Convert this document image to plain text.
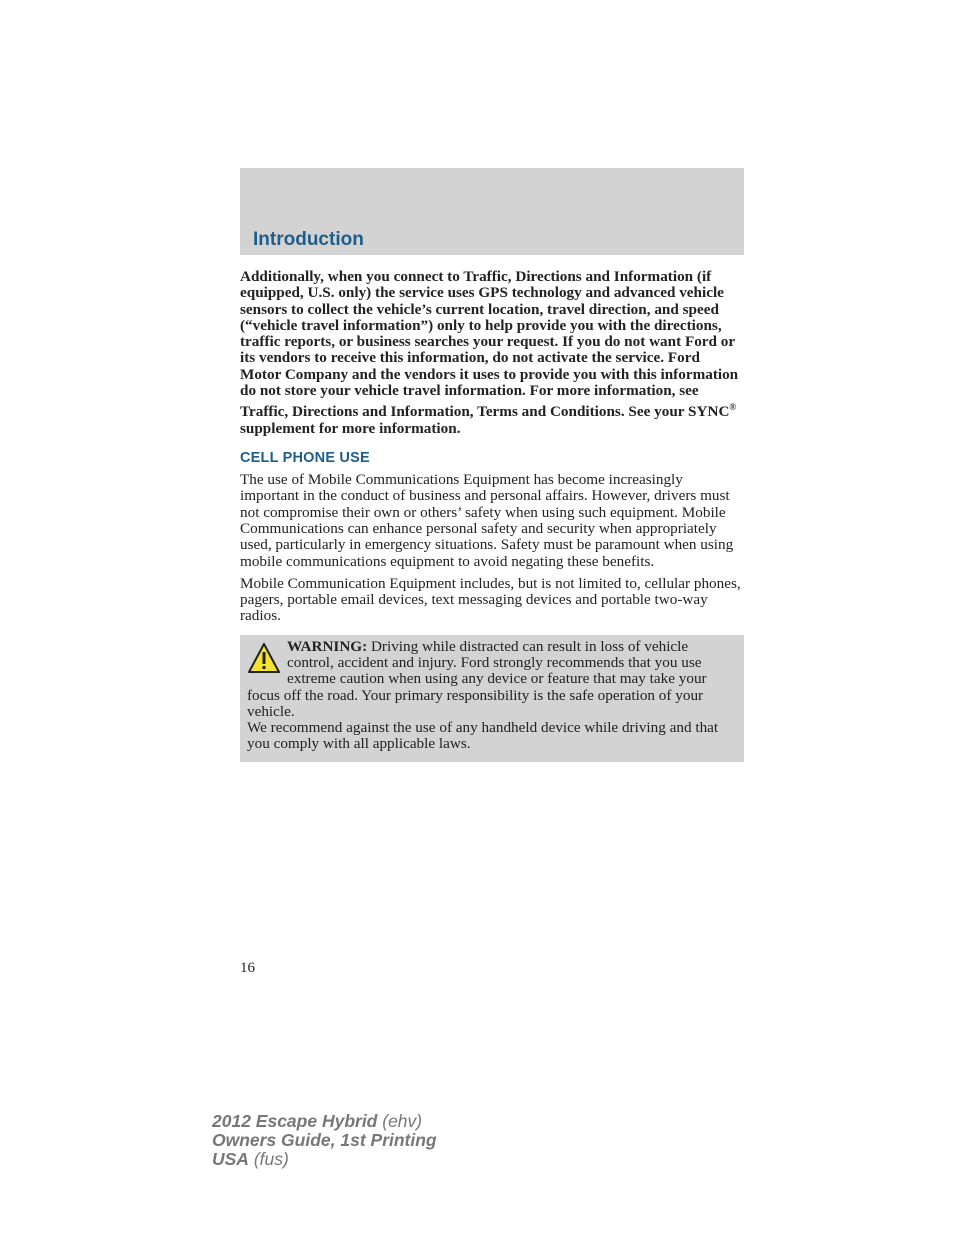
Introduction

Additionally, when you connect to Traffic, Directions and Information (if equipped, U.S. only) the service uses GPS technology and advanced vehicle sensors to collect the vehicle’s current location, travel direction, and speed (“vehicle travel information”) only to help provide you with the directions, traffic reports, or business searches your request. If you do not want Ford or its vendors to receive this information, do not activate the service. Ford Motor Company and the vendors it uses to provide you with this information do not store your vehicle travel information. For more information, see Traffic, Directions and Information, Terms and Conditions. See your SYNC® supplement for more information.

CELL PHONE USE

The use of Mobile Communications Equipment has become increasingly important in the conduct of business and personal affairs. However, drivers must not compromise their own or others’ safety when using such equipment. Mobile Communications can enhance personal safety and security when appropriately used, particularly in emergency situations. Safety must be paramount when using mobile communications equipment to avoid negating these benefits.

Mobile Communication Equipment includes, but is not limited to, cellular phones, pagers, portable email devices, text messaging devices and portable two-way radios.

WARNING: Driving while distracted can result in loss of vehicle control, accident and injury. Ford strongly recommends that you use extreme caution when using any device or feature that may take your focus off the road. Your primary responsibility is the safe operation of your vehicle.

We recommend against the use of any handheld device while driving and that you comply with all applicable laws.

16
2012 Escape Hybrid (ehv)
Owners Guide, 1st Printing
USA (fus)
